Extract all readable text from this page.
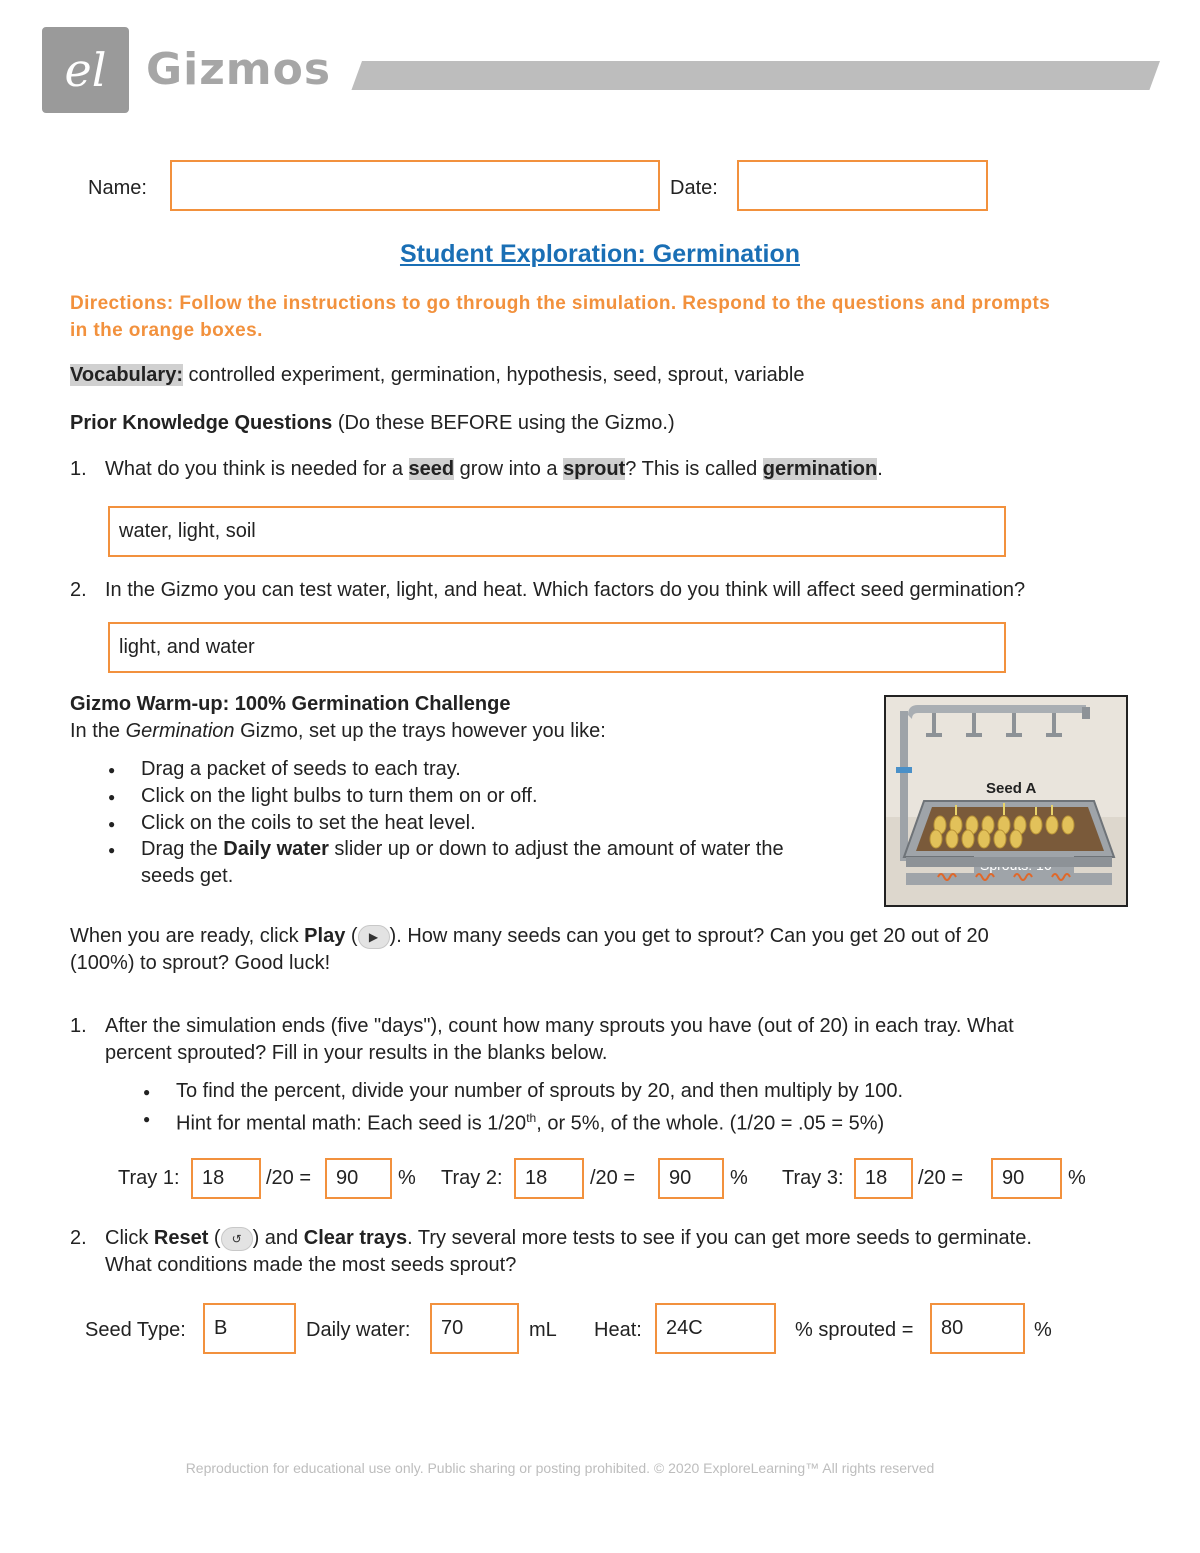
el Gizmos
Name:	Date:
Student Exploration: Germination
Directions: Follow the instructions to go through the simulation. Respond to the questions and prompts in the orange boxes.
Vocabulary: controlled experiment, germination, hypothesis, seed, sprout, variable
Prior Knowledge Questions (Do these BEFORE using the Gizmo.)
1. What do you think is needed for a seed grow into a sprout? This is called germination.
water, light, soil
2. In the Gizmo you can test water, light, and heat. Which factors do you think will affect seed germination?
light, and water
Gizmo Warm-up: 100% Germination Challenge
In the Germination Gizmo, set up the trays however you like:
● Drag a packet of seeds to each tray.
● Click on the light bulbs to turn them on or off.
● Click on the coils to set the heat level.
● Drag the Daily water slider up or down to adjust the amount of water the
seeds get.
Seed A
When you are ready, click Play ( ▶ ). How many seeds can you get to sprout? Can you get 20 out of 20
(100%) to sprout? Good luck!
1. After the simulation ends (five "days"), count how many sprouts you have (out of 20) in each tray. What
percent sprouted? Fill in your results in the blanks below.
● To find the percent, divide your number of sprouts by 20, and then multiply by 100.
● Hint for mental math: Each seed is 1/20th, or 5%, of the whole. (1/20 = .05 = 5%)
Tray 1:	18	/20 =	90	% Tray 2:	18	/20 =	90	% Tray 3:	18	/20 =	90	%
2. Click Reset ( ↺ ) and Clear trays. Try several more tests to see if you can get more seeds to germinate.
What conditions made the most seeds sprout?
Seed Type:	B	Daily water:	70	mL Heat:	24C	% sprouted =	80	%
Reproduction for educational use only. Public sharing or posting prohibited. © 2020 ExploreLearning™ All rights reserved
